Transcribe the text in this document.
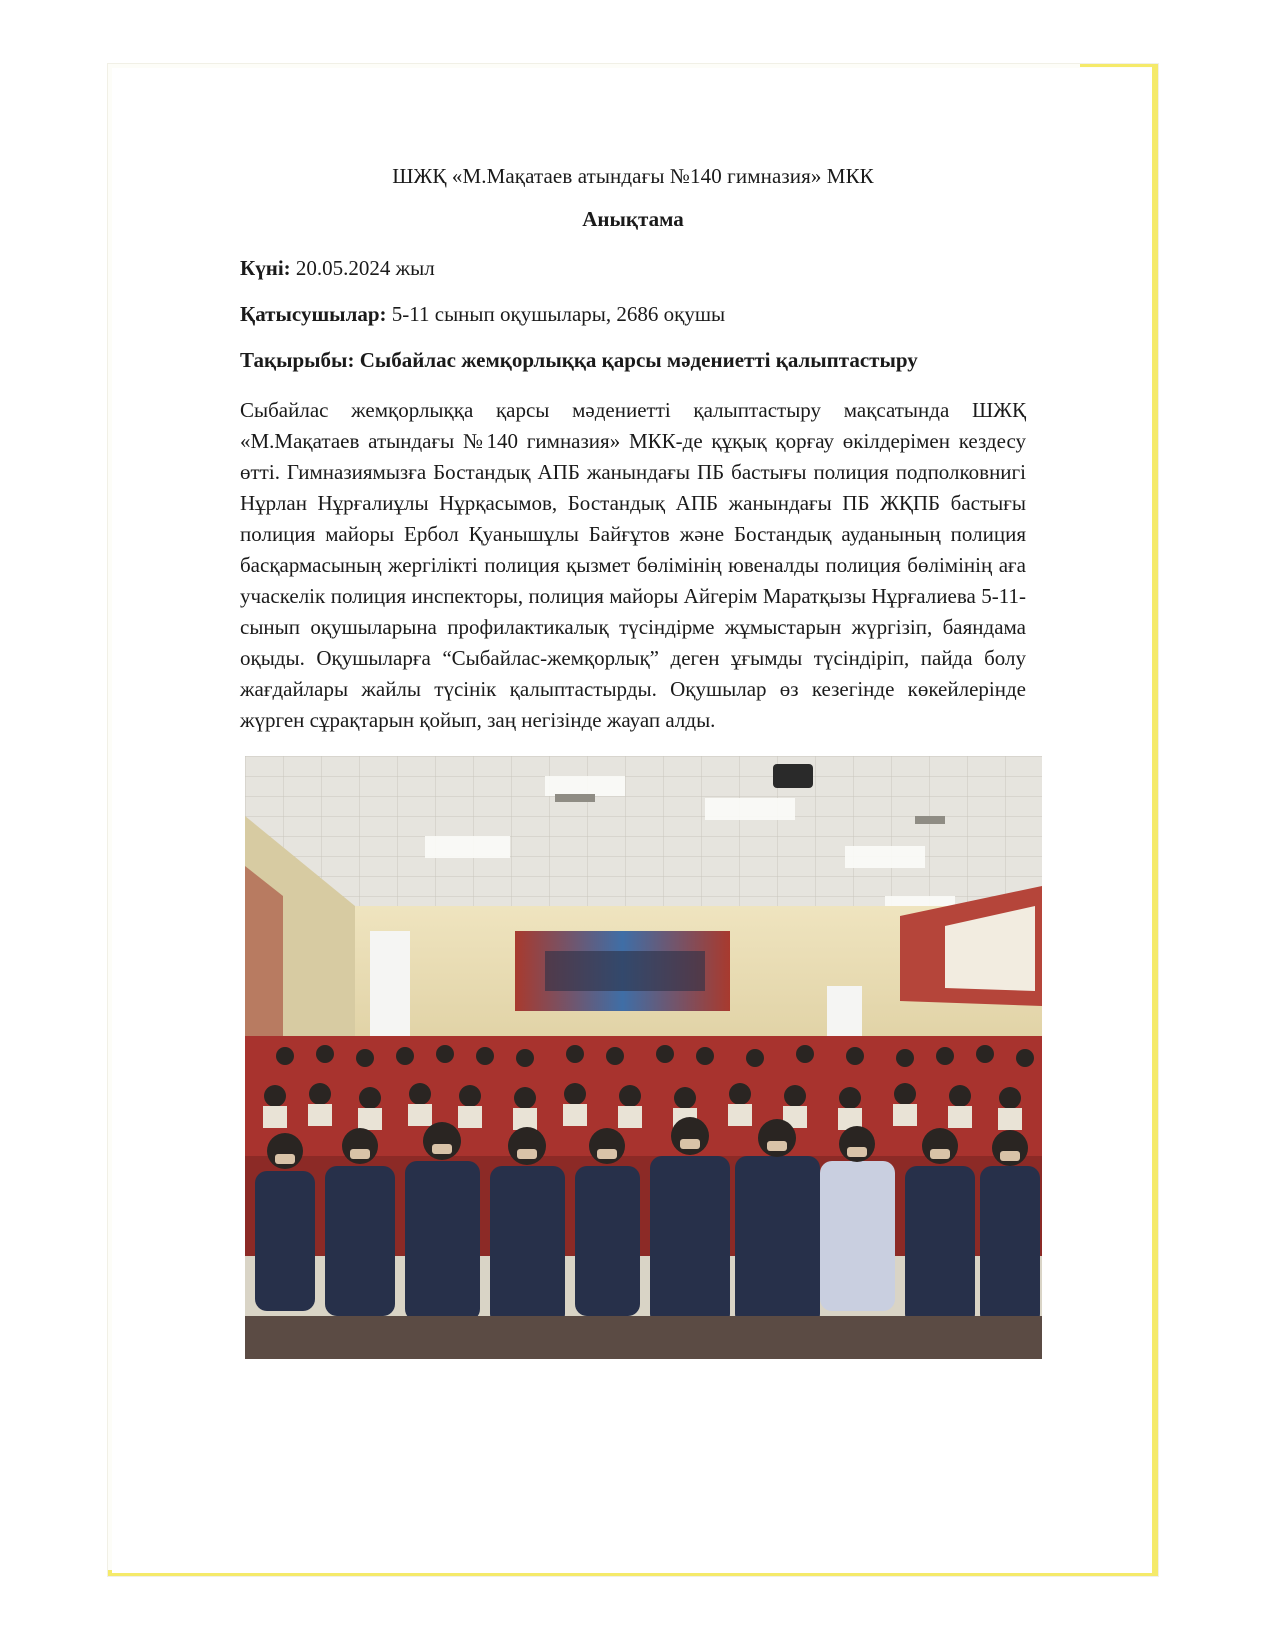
ШЖҚ «М.Мақатаев атындағы №140 гимназия» МКК

Анықтама

Күні: 20.05.2024 жыл

Қатысушылар: 5-11 сынып оқушылары, 2686 оқушы

Тақырыбы: Сыбайлас жемқорлыққа қарсы мәдениетті қалыптастыру

Сыбайлас жемқорлыққа қарсы мәдениетті қалыптастыру мақсатында ШЖҚ «М.Мақатаев атындағы №140 гимназия» МКК-де құқық қорғау өкілдерімен кездесу өтті. Гимназиямызға Бостандық АПБ жанындағы ПБ бастығы полиция подполковнигі Нұрлан Нұрғалиұлы Нұрқасымов, Бостандық АПБ жанындағы ПБ ЖҚПБ бастығы полиция майоры Ербол Қуанышұлы Байғұтов және Бостандық ауданының полиция басқармасының жергілікті полиция қызмет бөлімінің ювеналды полиция бөлімінің аға учаскелік полиция инспекторы, полиция майоры Айгерім Маратқызы Нұрғалиева 5-11-сынып оқушыларына профилактикалық түсіндірме жұмыстарын жүргізіп, баяндама оқыды. Оқушыларға “Сыбайлас-жемқорлық” деген ұғымды түсіндіріп, пайда болу жағдайлары жайлы түсінік қалыптастырды. Оқушылар өз кезегінде көкейлерінде жүрген сұрақтарын қойып, заң негізінде жауап алды.
